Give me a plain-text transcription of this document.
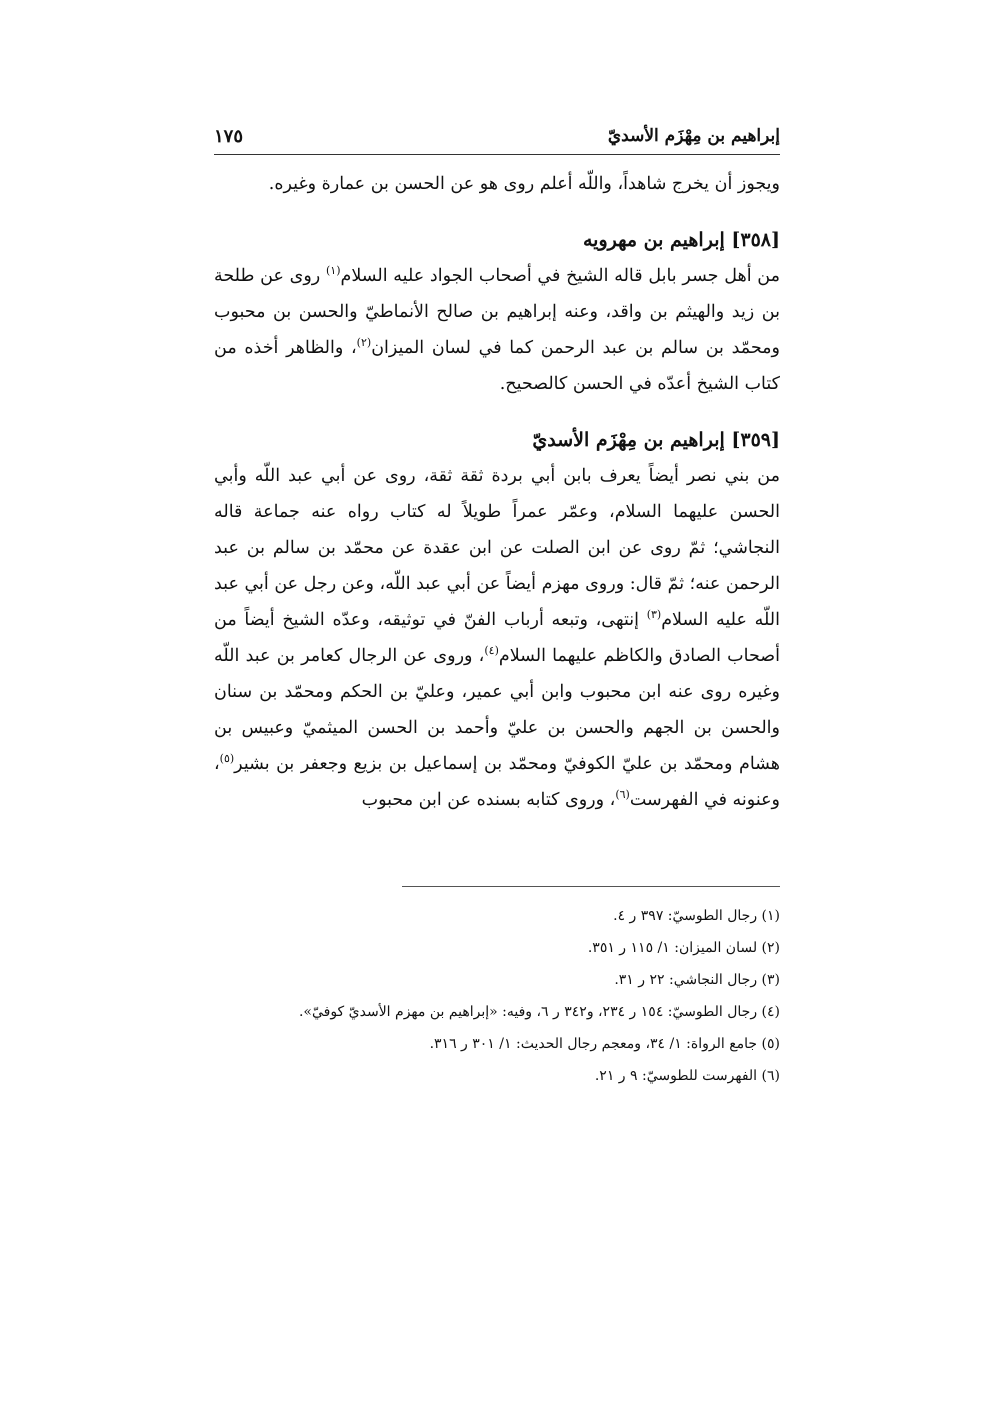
إبراهيم بن مِهْزَم الأسديّ
١٧٥

ويجوز أن يخرج شاهداً، واللّه أعلم روى هو عن الحسن بن عمارة وغيره.

[٣٥٨] إبراهيم بن مهرويه

من أهل جسر بابل قاله الشيخ في أصحاب الجواد عليه السلام$^{(١)}$ روى عن طلحة بن زيد والهيثم بن واقد، وعنه إبراهيم بن صالح الأنماطيّ والحسن بن محبوب ومحمّد بن سالم بن عبد الرحمن كما في لسان الميزان$^{(٢)}$، والظاهر أخذه من كتاب الشيخ أعدّه في الحسن كالصحيح.

[٣٥٩] إبراهيم بن مِهْزَم الأسديّ

من بني نصر أيضاً يعرف بابن أبي بردة ثقة ثقة، روى عن أبي عبد اللّه وأبي الحسن عليهما السلام، وعمّر عمراً طويلاً له كتاب رواه عنه جماعة قاله النجاشي؛ ثمّ روى عن ابن الصلت عن ابن عقدة عن محمّد بن سالم بن عبد الرحمن عنه؛ ثمّ قال: وروى مهزم أيضاً عن أبي عبد اللّه، وعن رجل عن أبي عبد اللّه عليه السلام$^{(٣)}$ إنتهى، وتبعه أرباب الفنّ في توثيقه، وعدّه الشيخ أيضاً من أصحاب الصادق والكاظم عليهما السلام$^{(٤)}$، وروى عن الرجال كعامر بن عبد اللّه وغيره روى عنه ابن محبوب وابن أبي عمير، وعليّ بن الحكم ومحمّد بن سنان والحسن بن الجهم والحسن بن عليّ وأحمد بن الحسن الميثميّ وعبيس بن هشام ومحمّد بن عليّ الكوفيّ ومحمّد بن إسماعيل بن بزيع وجعفر بن بشير$^{(٥)}$، وعنونه في الفهرست$^{(٦)}$، وروى كتابه بسنده عن ابن محبوب

(١) رجال الطوسيّ: ٣٩٧ ر ٤.
(٢) لسان الميزان: ١/ ١١٥ ر ٣٥١.
(٣) رجال النجاشي: ٢٢ ر ٣١.
(٤) رجال الطوسيّ: ١٥٤ ر ٢٣٤، و٣٤٢ ر ٦، وفيه: «إبراهيم بن مهزم الأسديّ كوفيّ».
(٥) جامع الرواة: ١/ ٣٤، ومعجم رجال الحديث: ١/ ٣٠١ ر ٣١٦.
(٦) الفهرست للطوسيّ: ٩ ر ٢١.
